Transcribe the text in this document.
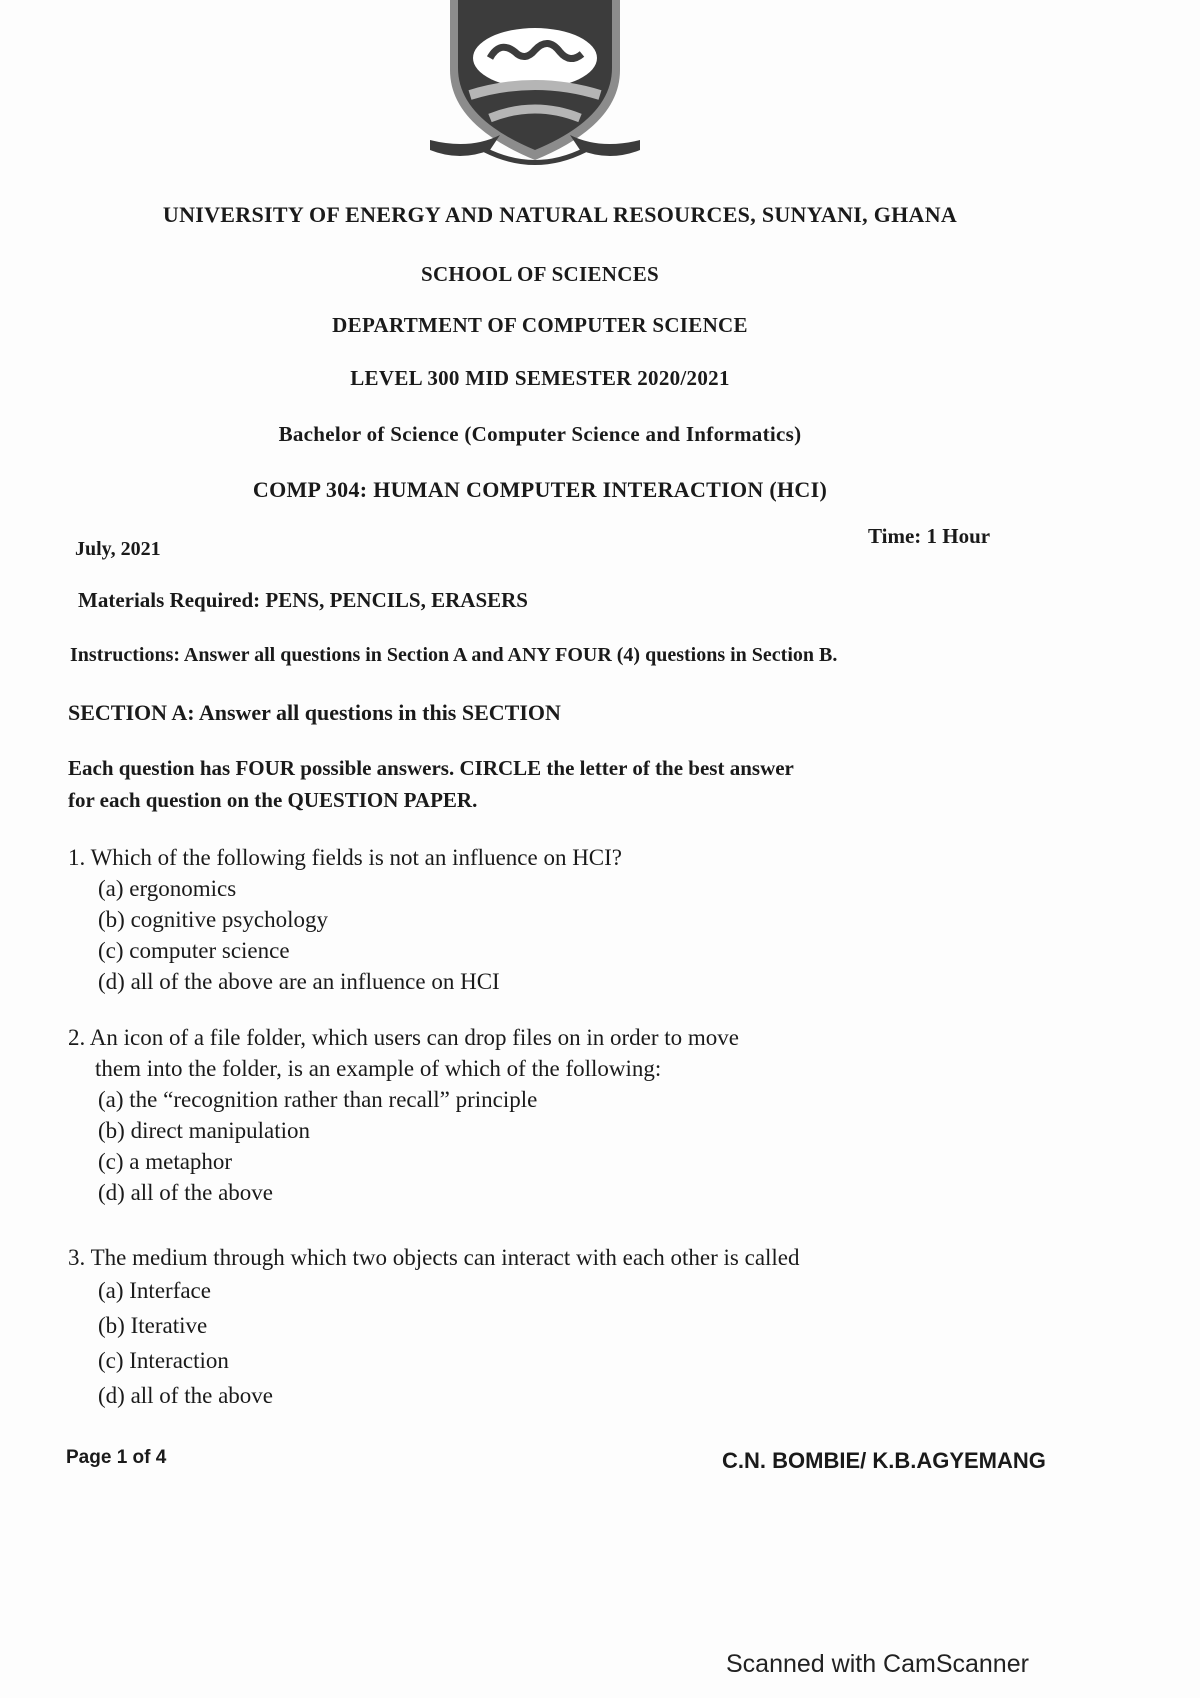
UNIVERSITY OF ENERGY AND NATURAL RESOURCES, SUNYANI, GHANA
SCHOOL OF SCIENCES
DEPARTMENT OF COMPUTER SCIENCE
LEVEL 300 MID SEMESTER 2020/2021
Bachelor of Science (Computer Science and Informatics)
COMP 304: HUMAN COMPUTER INTERACTION (HCI)
July, 2021
Time: 1 Hour
Materials Required: PENS, PENCILS, ERASERS
Instructions: Answer all questions in Section A and ANY FOUR (4) questions in Section B.
SECTION A: Answer all questions in this SECTION
Each question has FOUR possible answers. CIRCLE the letter of the best answer
for each question on the QUESTION PAPER.

1. Which of the following fields is not an influence on HCI?

(a) ergonomics

(b) cognitive psychology

(c) computer science

(d) all of the above are an influence on HCI

2. An icon of a file folder, which users can drop files on in order to move

them into the folder, is an example of which of the following:

(a) the “recognition rather than recall” principle

(b) direct manipulation

(c) a metaphor

(d) all of the above

3. The medium through which two objects can interact with each other is called

(a) Interface

(b) Iterative

(c) Interaction

(d) all of the above

Page 1 of 4	C.N. BOMBIE/ K.B.AGYEMANG
Scanned with CamScanner
